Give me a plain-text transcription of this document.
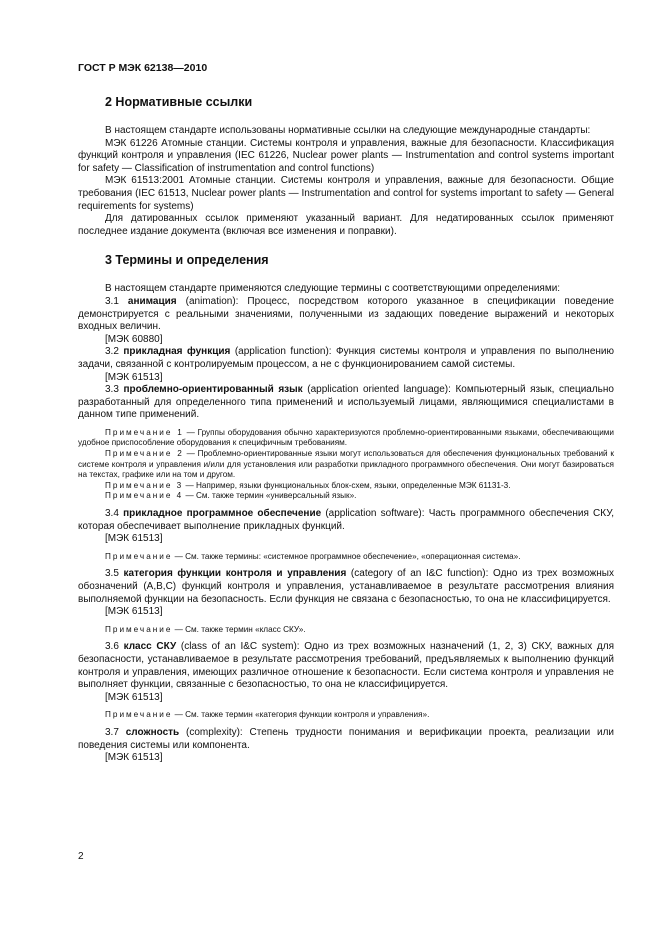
ГОСТ Р МЭК 62138—2010
2 Нормативные ссылки

В настоящем стандарте использованы нормативные ссылки на следующие международные стандарты:

МЭК 61226 Атомные станции. Системы контроля и управления, важные для безопасности. Классификация функций контроля и управления (IEC 61226, Nuclear power plants — Instrumentation and control systems important for safety — Classification of instrumentation and control functions)

МЭК 61513:2001 Атомные станции. Системы контроля и управления, важные для безопасности. Общие требования (IEC 61513, Nuclear power plants — Instrumentation and control for systems important to safety — General requirements for systems)

Для датированных ссылок применяют указанный вариант. Для недатированных ссылок применяют последнее издание документа (включая все изменения и поправки).

3 Термины и определения

В настоящем стандарте применяются следующие термины с соответствующими определениями:

3.1 анимация (animation): Процесс, посредством которого указанное в спецификации поведение демонстрируется с реальными значениями, полученными из задающих поведение выражений и некоторых входных величин.

[МЭК 60880]

3.2 прикладная функция (application function): Функция системы контроля и управления по выполнению задачи, связанной с контролируемым процессом, а не с функционированием самой системы.

[МЭК 61513]

3.3 проблемно-ориентированный язык (application oriented language): Компьютерный язык, специально разработанный для определенного типа применений и используемый лицами, являющимися специалистами в данном типе применений.

Примечание 1 — Группы оборудования обычно характеризуются проблемно-ориентированными языками, обеспечивающими удобное приспособление оборудования к специфичным требованиям.

Примечание 2 — Проблемно-ориентированные языки могут использоваться для обеспечения функциональных требований к системе контроля и управления и/или для установления или разработки прикладного программного обеспечения. Они могут базироваться на текстах, графике или на том и другом.

Примечание 3 — Например, языки функциональных блок-схем, языки, определенные МЭК 61131-3.

Примечание 4 — См. также термин «универсальный язык».

3.4 прикладное программное обеспечение (application software): Часть программного обеспечения СКУ, которая обеспечивает выполнение прикладных функций.

[МЭК 61513]

Примечание — См. также термины: «системное программное обеспечение», «операционная система».

3.5 категория функции контроля и управления (category of an I&C function): Одно из трех возможных обозначений (A,B,C) функций контроля и управления, устанавливаемое в результате рассмотрения влияния выполняемой функции на безопасность. Если функция не связана с безопасностью, то она не классифицируется.

[МЭК 61513]

Примечание — См. также термин «класс СКУ».

3.6 класс СКУ (class of an I&C system): Одно из трех возможных назначений (1, 2, 3) СКУ, важных для безопасности, устанавливаемое в результате рассмотрения требований, предъявляемых к выполнению функций контроля и управления, имеющих различное отношение к безопасности. Если система контроля и управления не выполняет функции, связанные с безопасностью, то она не классифицируется.

[МЭК 61513]

Примечание — См. также термин «категория функции контроля и управления».

3.7 сложность (complexity): Степень трудности понимания и верификации проекта, реализации или поведения системы или компонента.

[МЭК 61513]

2
